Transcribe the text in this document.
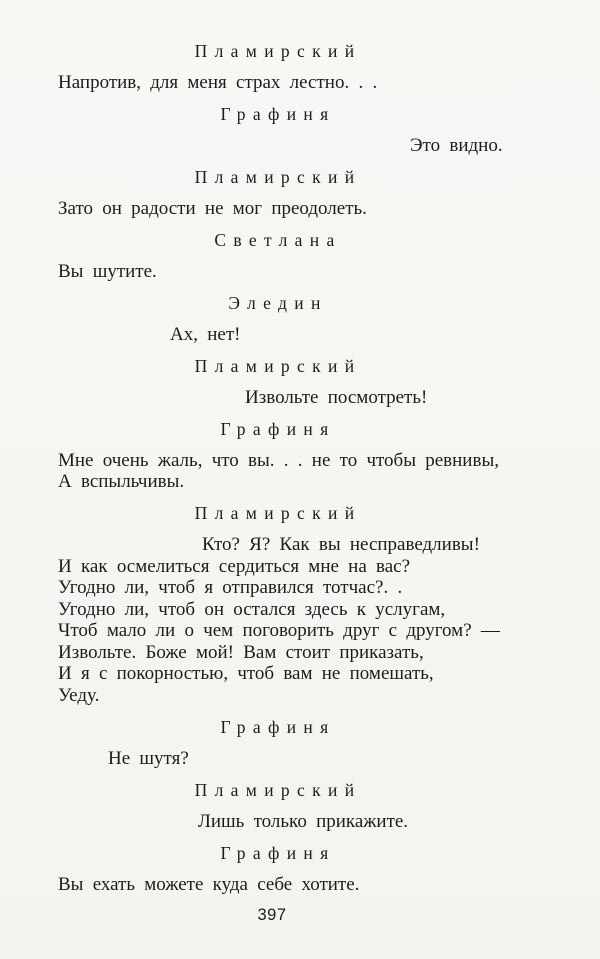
Пламирский
Напротив, для меня страх лестно. . .
Графиня
Это видно.
Пламирский
Зато он радости не мог преодолеть.
Светлана
Вы шутите.
Эледин
Ах, нет!
Пламирский
Извольте посмотреть!
Графиня
Мне очень жаль, что вы. . . не то чтобы ревнивы,
А вспыльчивы.
Пламирский
Кто? Я? Как вы несправедливы!
И как осмелиться сердиться мне на вас?
Угодно ли, чтоб я отправился тотчас?. .
Угодно ли, чтоб он остался здесь к услугам,
Чтоб мало ли о чем поговорить друг с другом? —
Извольте. Боже мой! Вам стоит приказать,
И я с покорностью, чтоб вам не помешать,
Уеду.
Графиня
Не шутя?
Пламирский
Лишь только прикажите.
Графиня
Вы ехать можете куда себе хотите.
397
